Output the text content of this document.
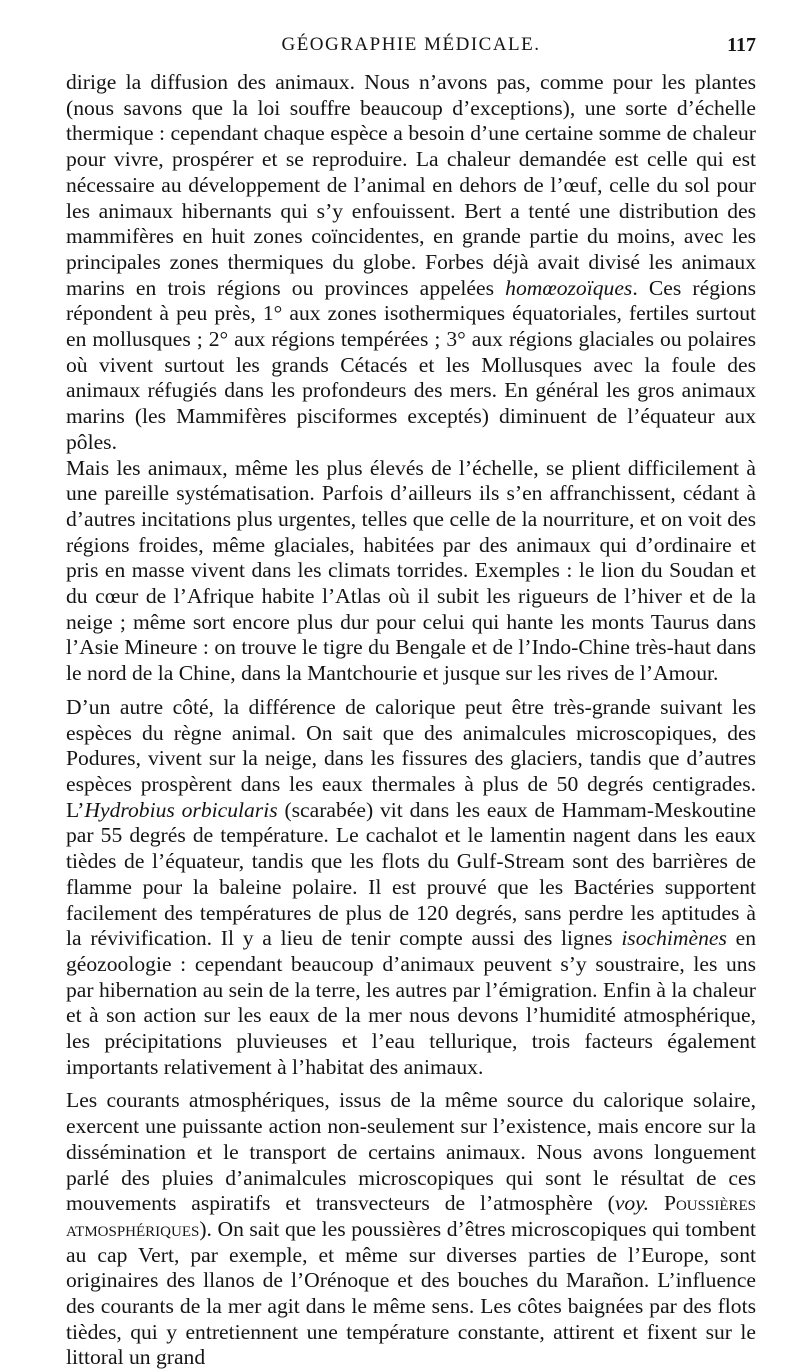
GÉOGRAPHIE MÉDICALE.	117

dirige la diffusion des animaux. Nous n’avons pas, comme pour les plantes (nous savons que la loi souffre beaucoup d’exceptions), une sorte d’échelle thermique : cependant chaque espèce a besoin d’une certaine somme de chaleur pour vivre, prospérer et se reproduire. La chaleur demandée est celle qui est nécessaire au développement de l’animal en dehors de l’œuf, celle du sol pour les animaux hibernants qui s’y enfouissent. Bert a tenté une distribution des mammifères en huit zones coïncidentes, en grande partie du moins, avec les principales zones thermiques du globe. Forbes déjà avait divisé les animaux marins en trois régions ou provinces appelées homœozoïques. Ces régions répondent à peu près, 1° aux zones isothermiques équatoriales, fertiles surtout en mollusques ; 2° aux régions tempérées ; 3° aux régions glaciales ou polaires où vivent surtout les grands Cétacés et les Mollusques avec la foule des animaux réfugiés dans les profondeurs des mers. En général les gros animaux marins (les Mammifères pisciformes exceptés) diminuent de l’équateur aux pôles.

Mais les animaux, même les plus élevés de l’échelle, se plient difficilement à une pareille systématisation. Parfois d’ailleurs ils s’en affranchissent, cédant à d’autres incitations plus urgentes, telles que celle de la nourriture, et on voit des régions froides, même glaciales, habitées par des animaux qui d’ordinaire et pris en masse vivent dans les climats torrides. Exemples : le lion du Soudan et du cœur de l’Afrique habite l’Atlas où il subit les rigueurs de l’hiver et de la neige ; même sort encore plus dur pour celui qui hante les monts Taurus dans l’Asie Mineure : on trouve le tigre du Bengale et de l’Indo-Chine très-haut dans le nord de la Chine, dans la Mantchourie et jusque sur les rives de l’Amour.

D’un autre côté, la différence de calorique peut être très-grande suivant les espèces du règne animal. On sait que des animalcules microscopiques, des Podures, vivent sur la neige, dans les fissures des glaciers, tandis que d’autres espèces prospèrent dans les eaux thermales à plus de 50 degrés centigrades. L’Hydrobius orbicularis (scarabée) vit dans les eaux de Hammam-Meskoutine par 55 degrés de température. Le cachalot et le lamentin nagent dans les eaux tièdes de l’équateur, tandis que les flots du Gulf-Stream sont des barrières de flamme pour la baleine polaire. Il est prouvé que les Bactéries supportent facilement des températures de plus de 120 degrés, sans perdre les aptitudes à la révivification. Il y a lieu de tenir compte aussi des lignes isochimènes en géozoologie : cependant beaucoup d’animaux peuvent s’y soustraire, les uns par hibernation au sein de la terre, les autres par l’émigration. Enfin à la chaleur et à son action sur les eaux de la mer nous devons l’humidité atmosphérique, les précipitations pluvieuses et l’eau tellurique, trois facteurs également importants relativement à l’habitat des animaux.

Les courants atmosphériques, issus de la même source du calorique solaire, exercent une puissante action non-seulement sur l’existence, mais encore sur la dissémination et le transport de certains animaux. Nous avons longuement parlé des pluies d’animalcules microscopiques qui sont le résultat de ces mouvements aspiratifs et transvecteurs de l’atmosphère (voy. Poussières atmosphériques). On sait que les poussières d’êtres microscopiques qui tombent au cap Vert, par exemple, et même sur diverses parties de l’Europe, sont originaires des llanos de l’Orénoque et des bouches du Marañon. L’influence des courants de la mer agit dans le même sens. Les côtes baignées par des flots tièdes, qui y entretiennent une température constante, attirent et fixent sur le littoral un grand
